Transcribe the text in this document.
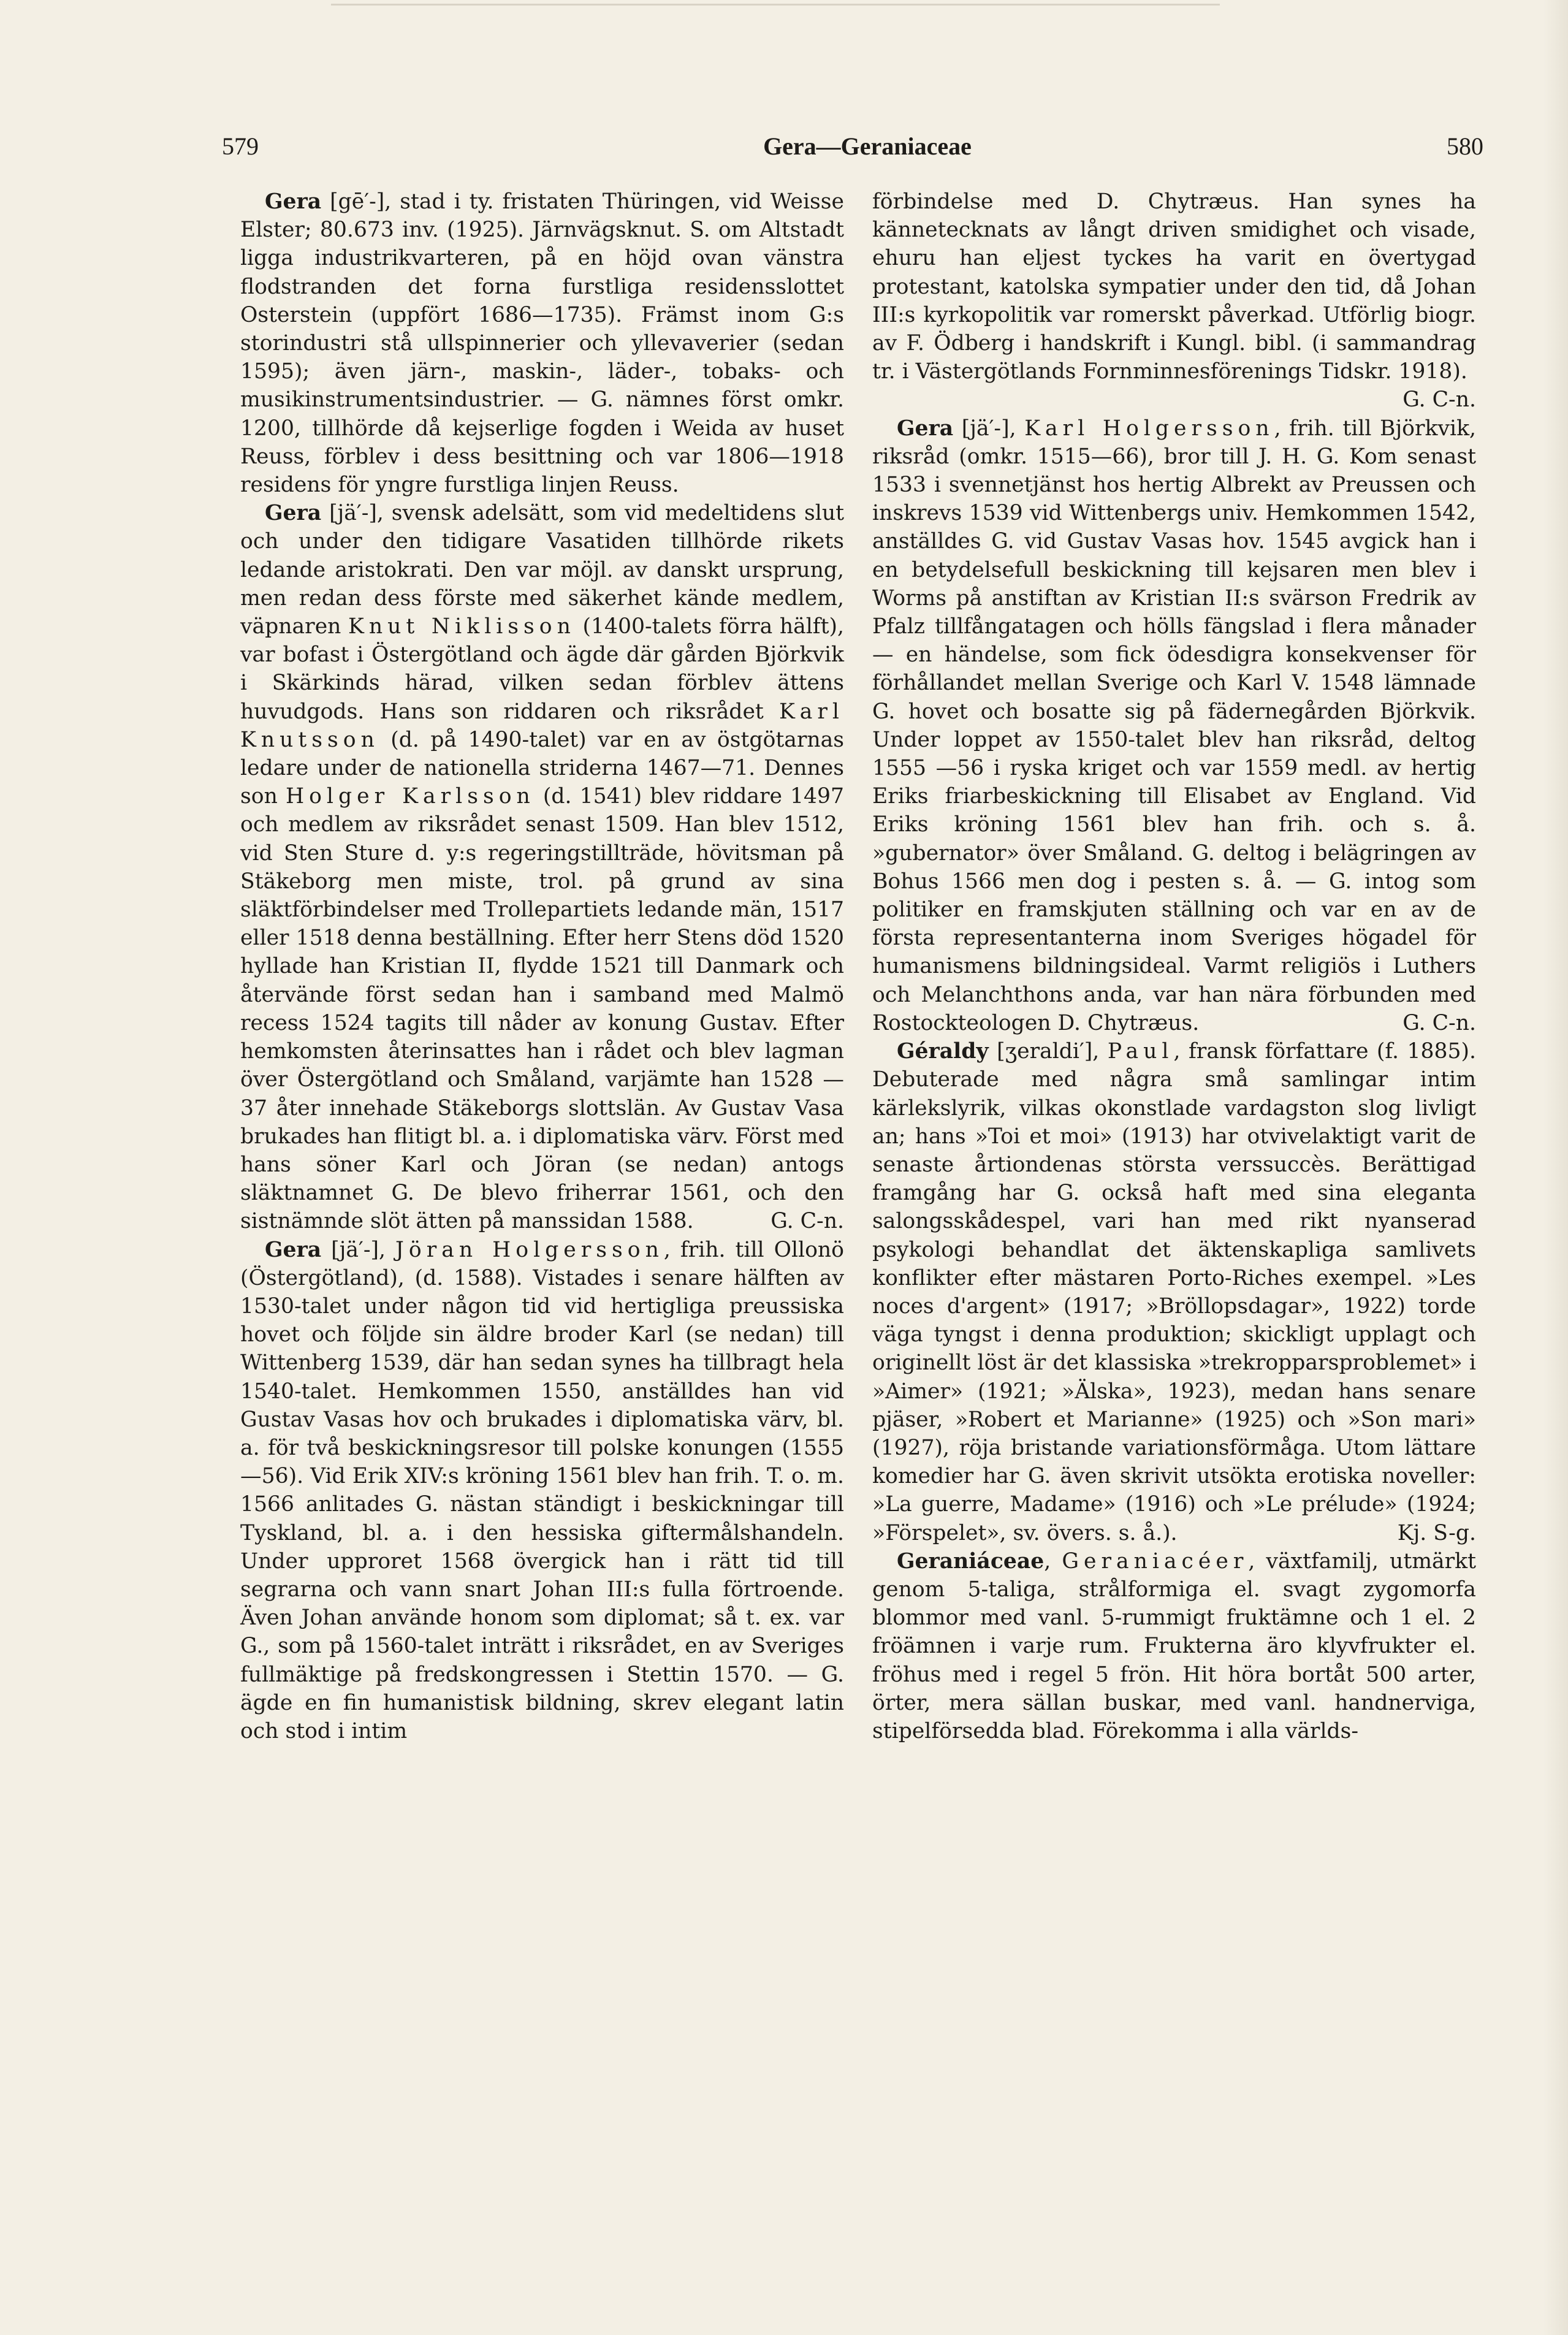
579	Gera—Geraniaceae	580

Gera [gē′-], stad i ty. fristaten Thüringen, vid Weisse Elster; 80.673 inv. (1925). Järnvägsknut. S. om Altstadt ligga industrikvarteren, på en höjd ovan vänstra flodstranden det forna furstliga residensslottet Osterstein (uppfört 1686—1735). Främst inom G:s storindustri stå ullspinnerier och yllevaverier (sedan 1595); även järn-, maskin-, läder-, tobaks- och musikinstrumentsindustrier. — G. nämnes först omkr. 1200, tillhörde då kejserlige fogden i Weida av huset Reuss, förblev i dess besittning och var 1806—1918 residens för yngre furstliga linjen Reuss.

Gera [jä′-], svensk adelsätt, som vid medeltidens slut och under den tidigare Vasatiden tillhörde rikets ledande aristokrati. Den var möjl. av danskt ursprung, men redan dess förste med säkerhet kände medlem, väpnaren Knut Niklisson (1400-talets förra hälft), var bofast i Östergötland och ägde där gården Björkvik i Skärkinds härad, vilken sedan förblev ättens huvudgods. Hans son riddaren och riksrådet Karl Knutsson (d. på 1490-talet) var en av östgötarnas ledare under de nationella striderna 1467—71. Dennes son Holger Karlsson (d. 1541) blev riddare 1497 och medlem av riksrådet senast 1509. Han blev 1512, vid Sten Sture d. y:s regeringstillträde, hövitsman på Stäkeborg men miste, trol. på grund av sina släktförbindelser med Trollepartiets ledande män, 1517 eller 1518 denna beställning. Efter herr Stens död 1520 hyllade han Kristian II, flydde 1521 till Danmark och återvände först sedan han i samband med Malmö recess 1524 tagits till nåder av konung Gustav. Efter hemkomsten återinsattes han i rådet och blev lagman över Östergötland och Småland, varjämte han 1528 —37 åter innehade Stäkeborgs slottslän. Av Gustav Vasa brukades han flitigt bl. a. i diplomatiska värv. Först med hans söner Karl och Jöran (se nedan) antogs släktnamnet G. De blevo friherrar 1561, och den sistnämnde slöt ätten på manssidan 1588.	G. C-n.

Gera [jä′-], Jöran Holgersson, frih. till Ollonö (Östergötland), (d. 1588). Vistades i senare hälften av 1530-talet under någon tid vid hertigliga preussiska hovet och följde sin äldre broder Karl (se nedan) till Wittenberg 1539, där han sedan synes ha tillbragt hela 1540-talet. Hemkommen 1550, anställdes han vid Gustav Vasas hov och brukades i diplomatiska värv, bl. a. för två beskickningsresor till polske konungen (1555—56). Vid Erik XIV:s kröning 1561 blev han frih. T. o. m. 1566 anlitades G. nästan ständigt i beskickningar till Tyskland, bl. a. i den hessiska giftermålshandeln. Under upproret 1568 övergick han i rätt tid till segrarna och vann snart Johan III:s fulla förtroende. Även Johan använde honom som diplomat; så t. ex. var G., som på 1560-talet inträtt i riksrådet, en av Sveriges fullmäktige på fredskongressen i Stettin 1570. — G. ägde en fin humanistisk bildning, skrev elegant latin och stod i intim

förbindelse med D. Chytræus. Han synes ha kännetecknats av långt driven smidighet och visade, ehuru han eljest tyckes ha varit en övertygad protestant, katolska sympatier under den tid, då Johan III:s kyrkopolitik var romerskt påverkad. Utförlig biogr. av F. Ödberg i handskrift i Kungl. bibl. (i sammandrag tr. i Västergötlands Fornminnesförenings Tidskr. 1918).
G. C-n.

Gera [jä′-], Karl Holgersson, frih. till Björkvik, riksråd (omkr. 1515—66), bror till J. H. G. Kom senast 1533 i svennetjänst hos hertig Albrekt av Preussen och inskrevs 1539 vid Wittenbergs univ. Hemkommen 1542, anställdes G. vid Gustav Vasas hov. 1545 avgick han i en betydelsefull beskickning till kejsaren men blev i Worms på anstiftan av Kristian II:s svärson Fredrik av Pfalz tillfångatagen och hölls fängslad i flera månader — en händelse, som fick ödesdigra konsekvenser för förhållandet mellan Sverige och Karl V. 1548 lämnade G. hovet och bosatte sig på fädernegården Björkvik. Under loppet av 1550-talet blev han riksråd, deltog 1555 —56 i ryska kriget och var 1559 medl. av hertig Eriks friarbeskickning till Elisabet av England. Vid Eriks kröning 1561 blev han frih. och s. å. »gubernator» över Småland. G. deltog i belägringen av Bohus 1566 men dog i pesten s. å. — G. intog som politiker en framskjuten ställning och var en av de första representanterna inom Sveriges högadel för humanismens bildningsideal. Varmt religiös i Luthers och Melanchthons anda, var han nära förbunden med Rostockteologen D. Chytræus.	G. C-n.

Géraldy [ʒeraldi′], Paul, fransk författare (f. 1885). Debuterade med några små samlingar intim kärlekslyrik, vilkas okonstlade vardagston slog livligt an; hans »Toi et moi» (1913) har otvivelaktigt varit de senaste årtiondenas största verssuccès. Berättigad framgång har G. också haft med sina eleganta salongsskådespel, vari han med rikt nyanserad psykologi behandlat det äktenskapliga samlivets konflikter efter mästaren Porto-Riches exempel. »Les noces d'argent» (1917; »Bröllopsdagar», 1922) torde väga tyngst i denna produktion; skickligt upplagt och originellt löst är det klassiska »trekropparsproblemet» i »Aimer» (1921; »Älska», 1923), medan hans senare pjäser, »Robert et Marianne» (1925) och »Son mari» (1927), röja bristande variationsförmåga. Utom lättare komedier har G. även skrivit utsökta erotiska noveller: »La guerre, Madame» (1916) och »Le prélude» (1924; »Förspelet», sv. övers. s. å.).	Kj. S-g.

Geraniáceae, Geraniacéer, växtfamilj, utmärkt genom 5-taliga, strålformiga el. svagt zygomorfa blommor med vanl. 5-rummigt fruktämne och 1 el. 2 fröämnen i varje rum. Frukterna äro klyvfrukter el. fröhus med i regel 5 frön. Hit höra bortåt 500 arter, örter, mera sällan buskar, med vanl. handnerviga, stipelförsedda blad. Förekomma i alla världs-
